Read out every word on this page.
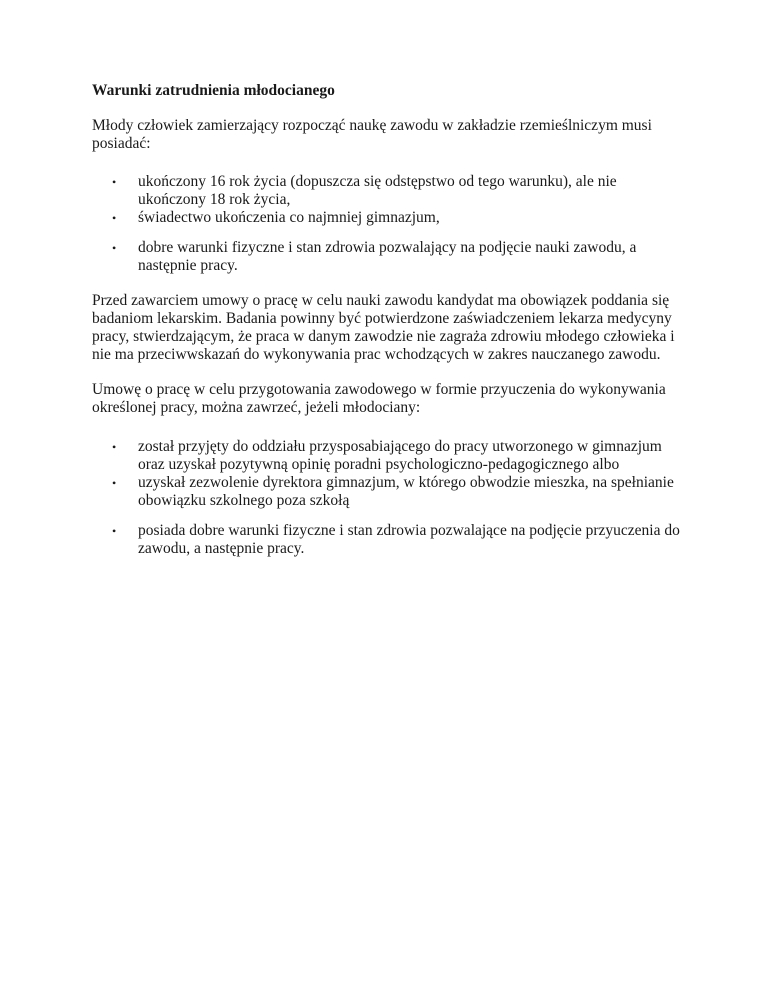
Warunki zatrudnienia młodocianego

Młody człowiek zamierzający rozpocząć naukę zawodu w zakładzie rzemieślniczym musi posiadać:

• ukończony 16 rok życia (dopuszcza się odstępstwo od tego warunku), ale nie ukończony 18 rok życia,
• świadectwo ukończenia co najmniej gimnazjum,
• dobre warunki fizyczne i stan zdrowia pozwalający na podjęcie nauki zawodu, a następnie pracy.

Przed zawarciem umowy o pracę w celu nauki zawodu kandydat ma obowiązek poddania się badaniom lekarskim. Badania powinny być potwierdzone zaświadczeniem lekarza medycyny pracy, stwierdzającym, że praca w danym zawodzie nie zagraża zdrowiu młodego człowieka i nie ma przeciwwskazań do wykonywania prac wchodzących w zakres nauczanego zawodu.

Umowę o pracę w celu przygotowania zawodowego w formie przyuczenia do wykonywania określonej pracy, można zawrzeć, jeżeli młodociany:

• został przyjęty do oddziału przysposabiającego do pracy utworzonego w gimnazjum oraz uzyskał pozytywną opinię poradni psychologiczno-pedagogicznego albo
• uzyskał zezwolenie dyrektora gimnazjum, w którego obwodzie mieszka, na spełnianie obowiązku szkolnego poza szkołą
• posiada dobre warunki fizyczne i stan zdrowia pozwalające na podjęcie przyuczenia do zawodu, a następnie pracy.
